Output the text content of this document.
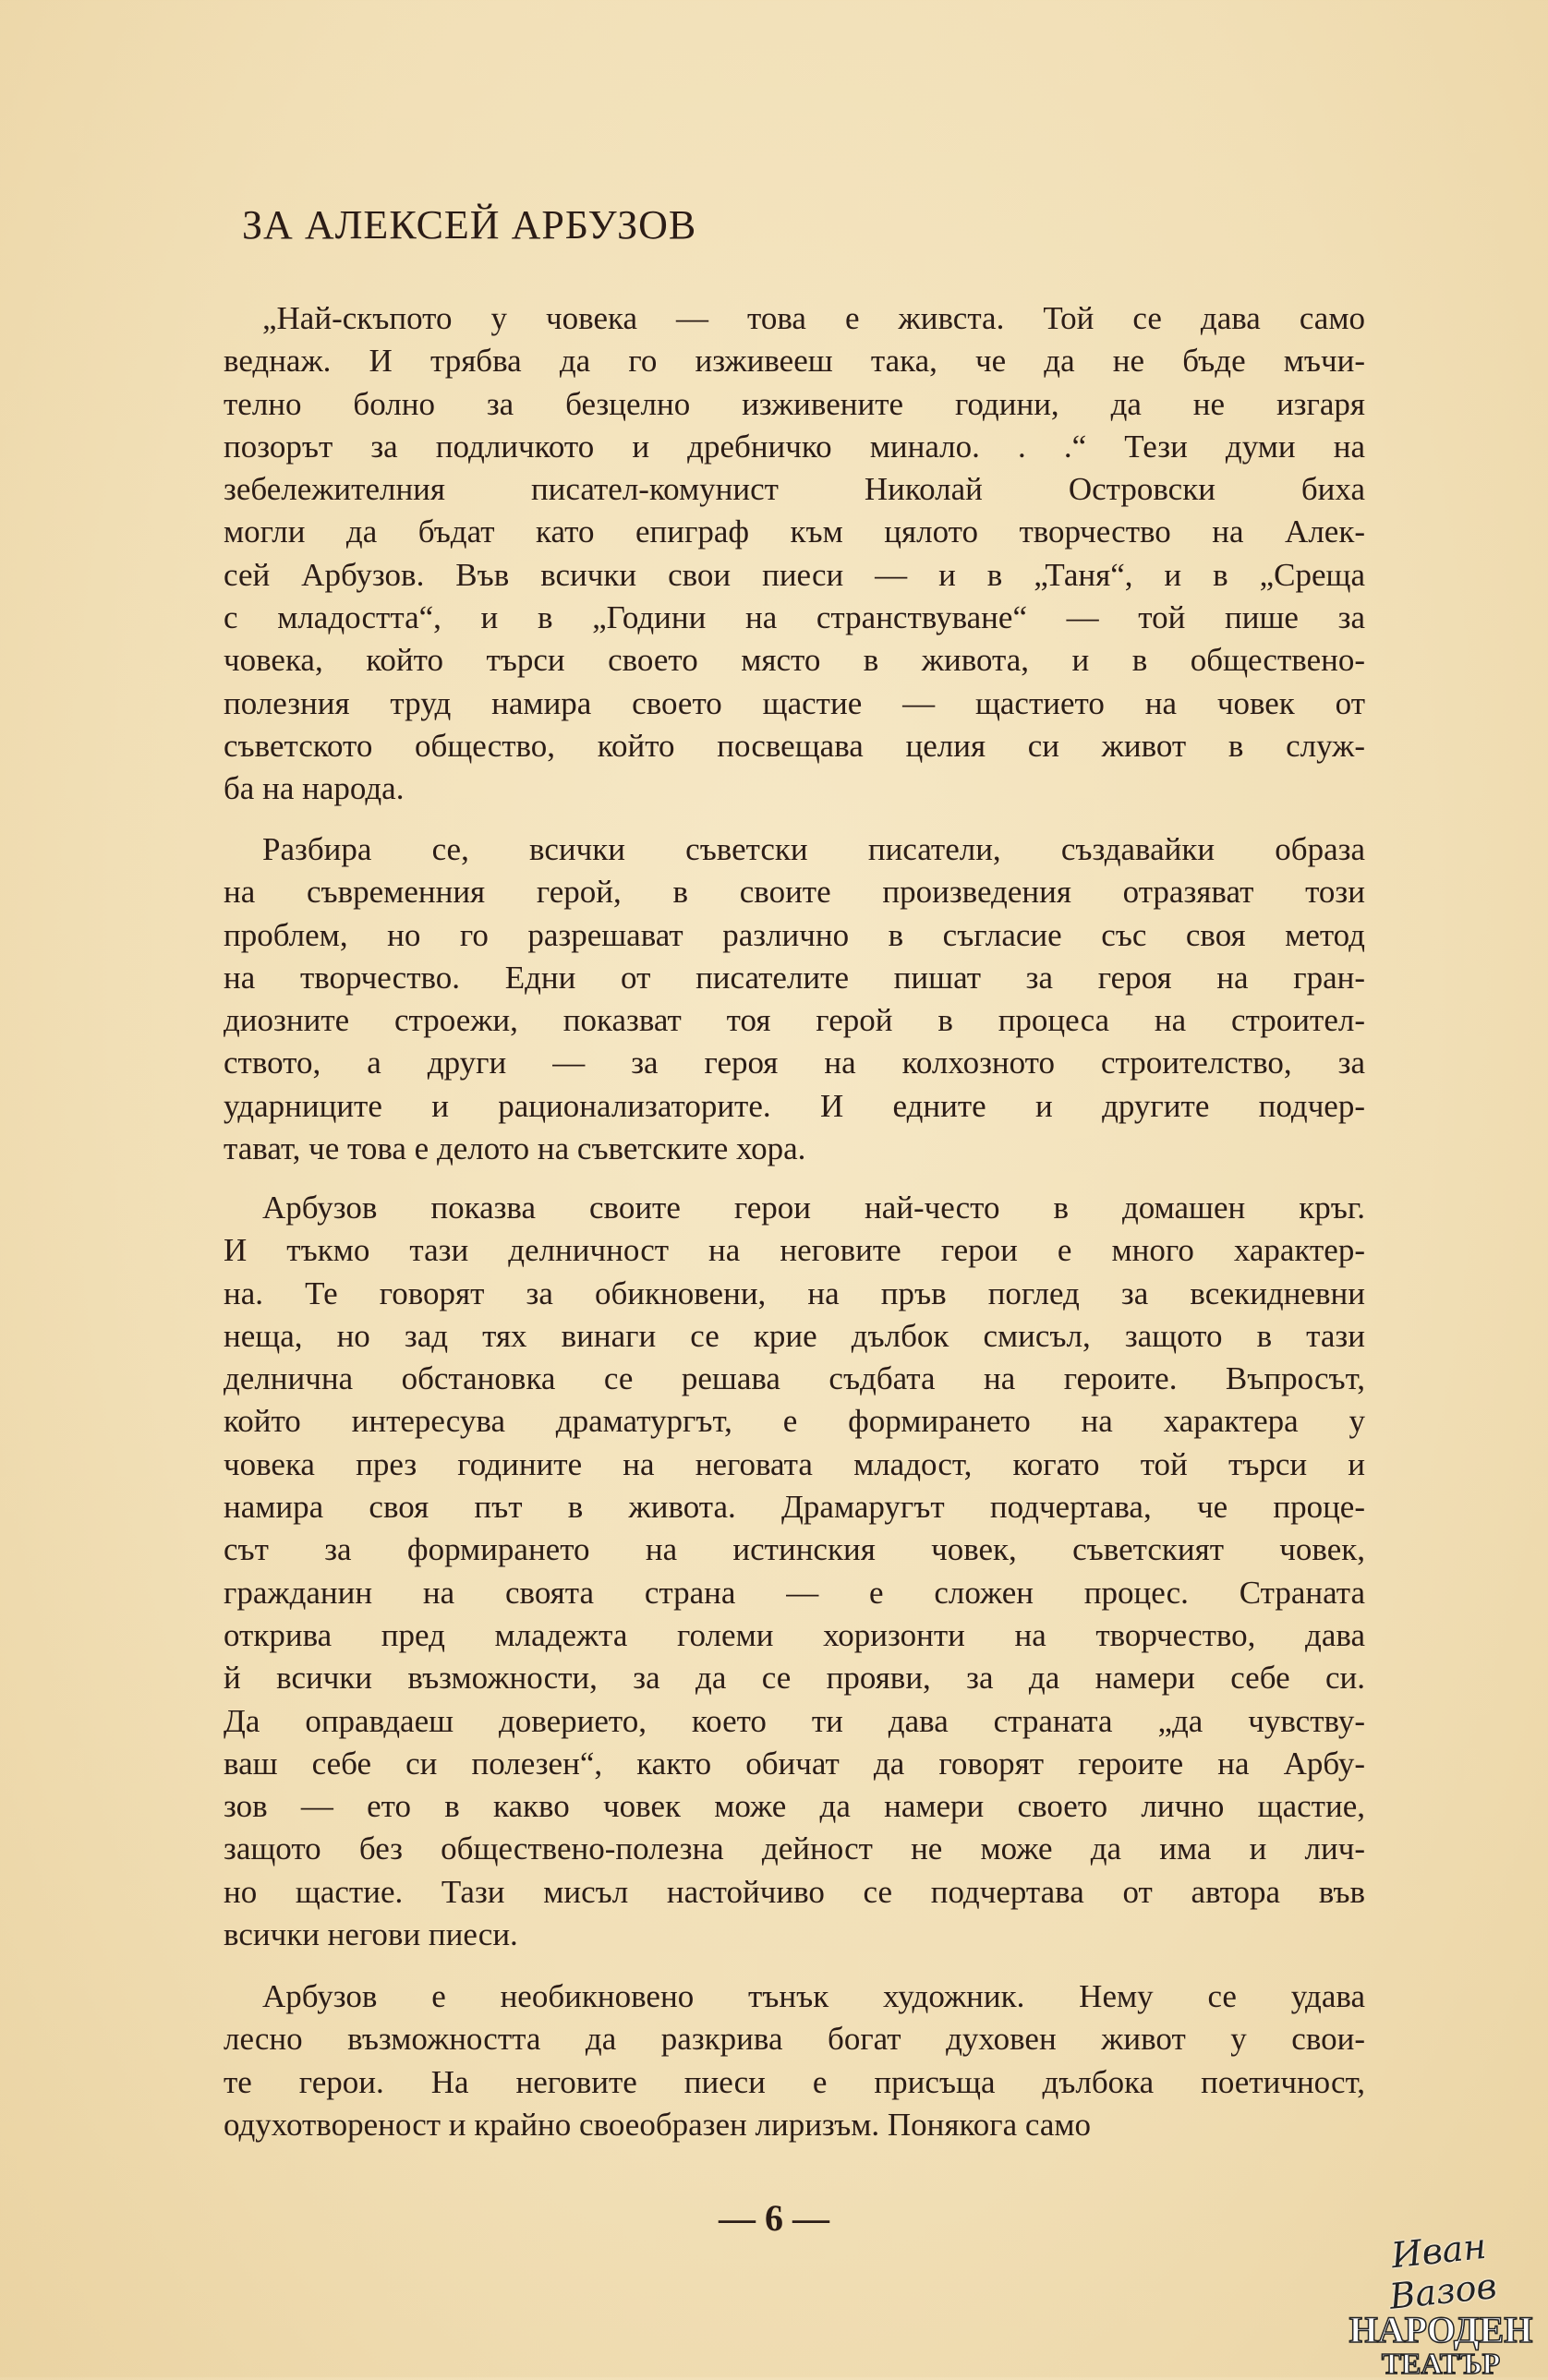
ЗА АЛЕКСЕЙ АРБУЗОВ
„Най-скъпото у човека — това е живста. Той се дава само
веднаж. И трябва да го изживееш така, че да не бъде мъчи-
телно болно за безцелно изживените години, да не изгаря
позорът за подличкото и дребничко минало. . .“ Тези думи на
зебележителния писател-комунист Николай Островски биха
могли да бъдат като епиграф към цялото творчество на Алек-
сей Арбузов. Във всички свои пиеси — и в „Таня“, и в „Среща
с младостта“, и в „Години на странствуване“ — той пише за
човека, който търси своето място в живота, и в обществено-
полезния труд намира своето щастие — щастието на човек от
съветското общество, който посвещава целия си живот в служ-
ба на народа.
Разбира се, всички съветски писатели, създавайки образа
на съвременния герой, в своите произведения отразяват този
проблем, но го разрешават различно в съгласие със своя метод
на творчество. Едни от писателите пишат за героя на гран-
диозните строежи, показват тоя герой в процеса на строител-
ството, а други — за героя на колхозното строителство, за
ударниците и рационализаторите. И едните и другите подчер-
тават, че това е делото на съветските хора.
Арбузов показва своите герои най-често в домашен кръг.
И тъкмо тази делничност на неговите герои е много характер-
на. Те говорят за обикновени, на пръв поглед за всекидневни
неща, но зад тях винаги се крие дълбок смисъл, защото в тази
делнична обстановка се решава съдбата на героите. Въпросът,
който интересува драматургът, е формирането на характера у
човека през годините на неговата младост, когато той търси и
намира своя път в живота. Драмаругът подчертава, че процe-
сът за формирането на истинския човек, съветският човек,
гражданин на своята страна — е сложен процес. Страната
открива пред младежта големи хоризонти на творчество, дава
й всички възможности, за да се прояви, за да намери себе си.
Да оправдаеш доверието, което ти дава страната „да чувству-
ваш себе си полезен“, както обичат да говорят героите на Арбу-
зов — ето в какво човек може да намери своето лично щастие,
защото без обществено-полезна дейност не може да има и лич-
но щастие. Тази мисъл настойчиво се подчертава от автора във
всички негови пиеси.
Арбузов е необикновено тънък художник. Нему се удава
лесно възможността да разкрива богат духовен живот у свои-
те герои. На неговите пиеси е присъща дълбока поетичност,
одухотвореност и крайно своеобразен лиризъм. Понякога само
— 6 —
Иван Вазов
НАРОДЕН
ТЕАТЪР
